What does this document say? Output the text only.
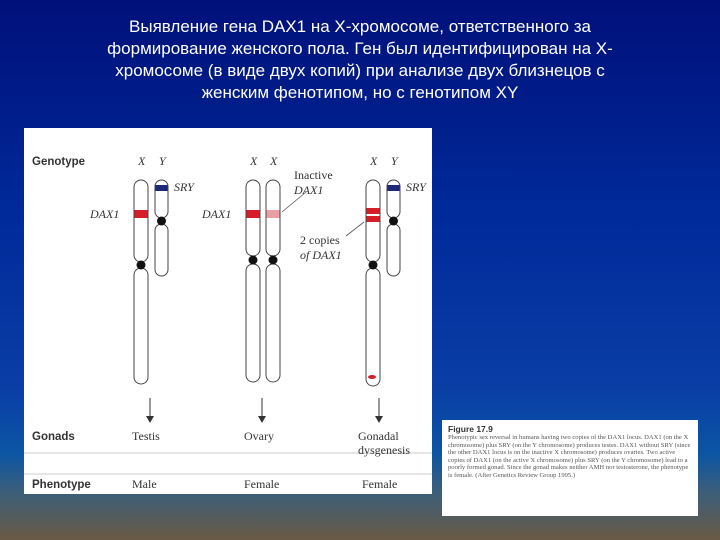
Выявление гена DAX1 на Х-хромосоме, ответственного за
формирование женского пола. Ген был идентифицирован на Х-
хромосоме (в виде двух копий) при анализе двух близнецов с
женским фенотипом, но с генотипом XY
Genotype
Gonads
Phenotype
X Y
SRY
DAX1
Testis
Male
X X
DAX1
Inactive
DAX1
Ovary
Female
X Y
SRY
2 copies
of DAX1
Gonadal
dysgenesis
Female
Figure 17.9
Phenotypic sex reversal in humans having two copies of the DAX1 locus. DAX1 (on the X chromosome) plus SRY (on the Y chromosome) produces testes. DAX1 without SRY (since the other DAX1 locus is on the inactive X chromosome) produces ovaries. Two active copies of DAX1 (on the active X chromosome) plus SRY (on the Y chromosome) lead to a poorly formed gonad. Since the gonad makes neither AMH nor testosterone, the phenotype is female. (After Genetics Review Group 1995.)
